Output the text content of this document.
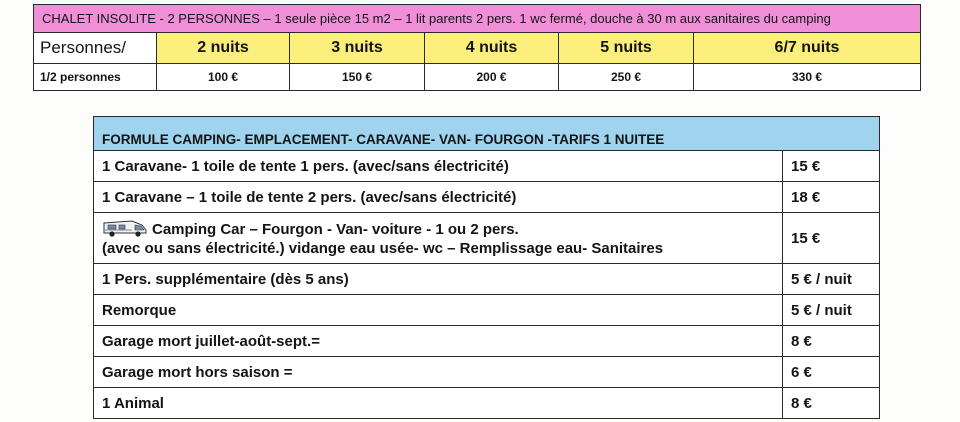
CHALET INSOLITE - 2 PERSONNES – 1 seule pièce 15 m2 – 1 lit parents 2 pers. 1 wc fermé, douche à 30 m aux sanitaires du camping					
Personnes/	2 nuits	3 nuits	4 nuits	5 nuits	6/7 nuits
1/2 personnes	100 €	150 €	200 €	250 €	330 €
FORMULE CAMPING- EMPLACEMENT- CARAVANE- VAN- FOURGON -TARIFS 1 NUITEE	
1 Caravane- 1 toile de tente 1 pers. (avec/sans électricité)	15 €
1 Caravane – 1 toile de tente 2 pers. (avec/sans électricité)	18 €

Camping Car – Fourgon - Van- voiture - 1 ou 2 pers.
(avec ou sans électricité.) vidange eau usée- wc – Remplissage eau- Sanitaires	15 €
1 Pers. supplémentaire (dès 5 ans)	5 € / nuit
Remorque	5 € / nuit
Garage mort juillet-août-sept.=	8 €
Garage mort hors saison =	6 €
1 Animal	8 €
